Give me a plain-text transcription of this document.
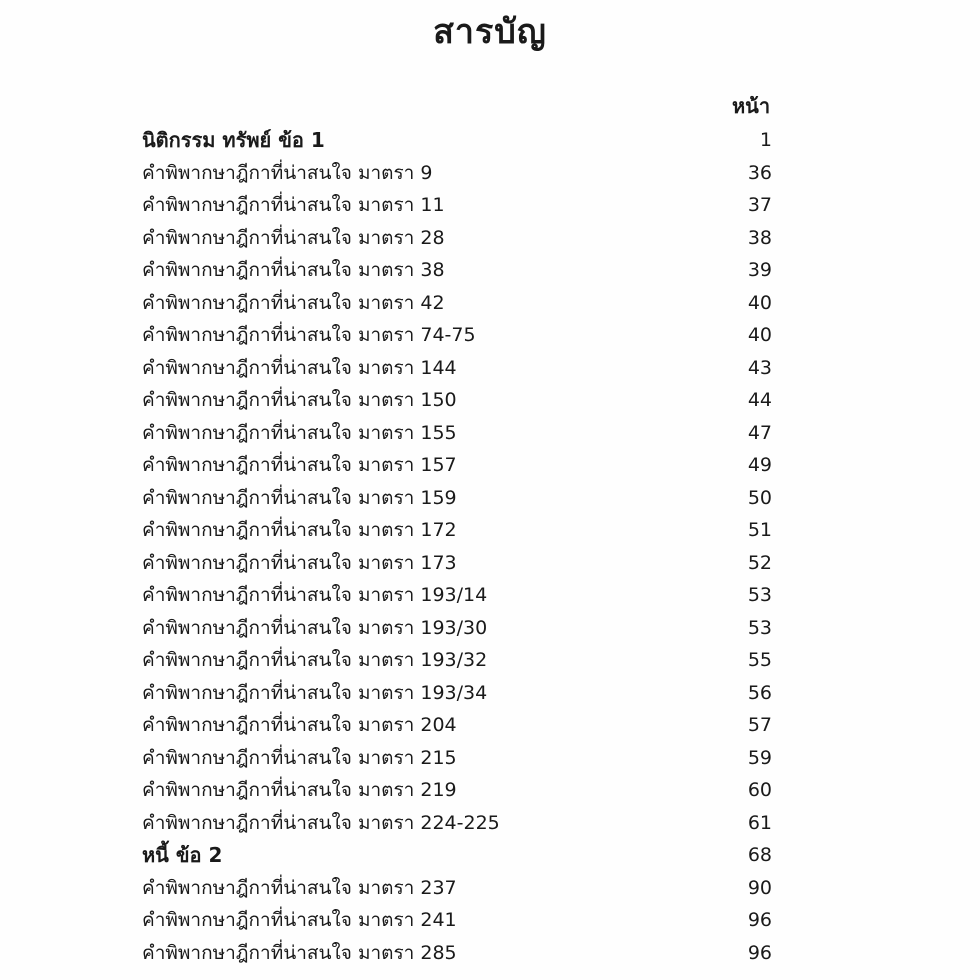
สารบัญ
หน้า
นิติกรรม ทรัพย์ ข้อ 1	1
คำพิพากษาฎีกาที่น่าสนใจ มาตรา 9	36
คำพิพากษาฎีกาที่น่าสนใจ มาตรา 11	37
คำพิพากษาฎีกาที่น่าสนใจ มาตรา 28	38
คำพิพากษาฎีกาที่น่าสนใจ มาตรา 38	39
คำพิพากษาฎีกาที่น่าสนใจ มาตรา 42	40
คำพิพากษาฎีกาที่น่าสนใจ มาตรา 74-75	40
คำพิพากษาฎีกาที่น่าสนใจ มาตรา 144	43
คำพิพากษาฎีกาที่น่าสนใจ มาตรา 150	44
คำพิพากษาฎีกาที่น่าสนใจ มาตรา 155	47
คำพิพากษาฎีกาที่น่าสนใจ มาตรา 157	49
คำพิพากษาฎีกาที่น่าสนใจ มาตรา 159	50
คำพิพากษาฎีกาที่น่าสนใจ มาตรา 172	51
คำพิพากษาฎีกาที่น่าสนใจ มาตรา 173	52
คำพิพากษาฎีกาที่น่าสนใจ มาตรา 193/14	53
คำพิพากษาฎีกาที่น่าสนใจ มาตรา 193/30	53
คำพิพากษาฎีกาที่น่าสนใจ มาตรา 193/32	55
คำพิพากษาฎีกาที่น่าสนใจ มาตรา 193/34	56
คำพิพากษาฎีกาที่น่าสนใจ มาตรา 204	57
คำพิพากษาฎีกาที่น่าสนใจ มาตรา 215	59
คำพิพากษาฎีกาที่น่าสนใจ มาตรา 219	60
คำพิพากษาฎีกาที่น่าสนใจ มาตรา 224-225	61
หนี้ ข้อ 2	68
คำพิพากษาฎีกาที่น่าสนใจ มาตรา 237	90
คำพิพากษาฎีกาที่น่าสนใจ มาตรา 241	96
คำพิพากษาฎีกาที่น่าสนใจ มาตรา 285	96
